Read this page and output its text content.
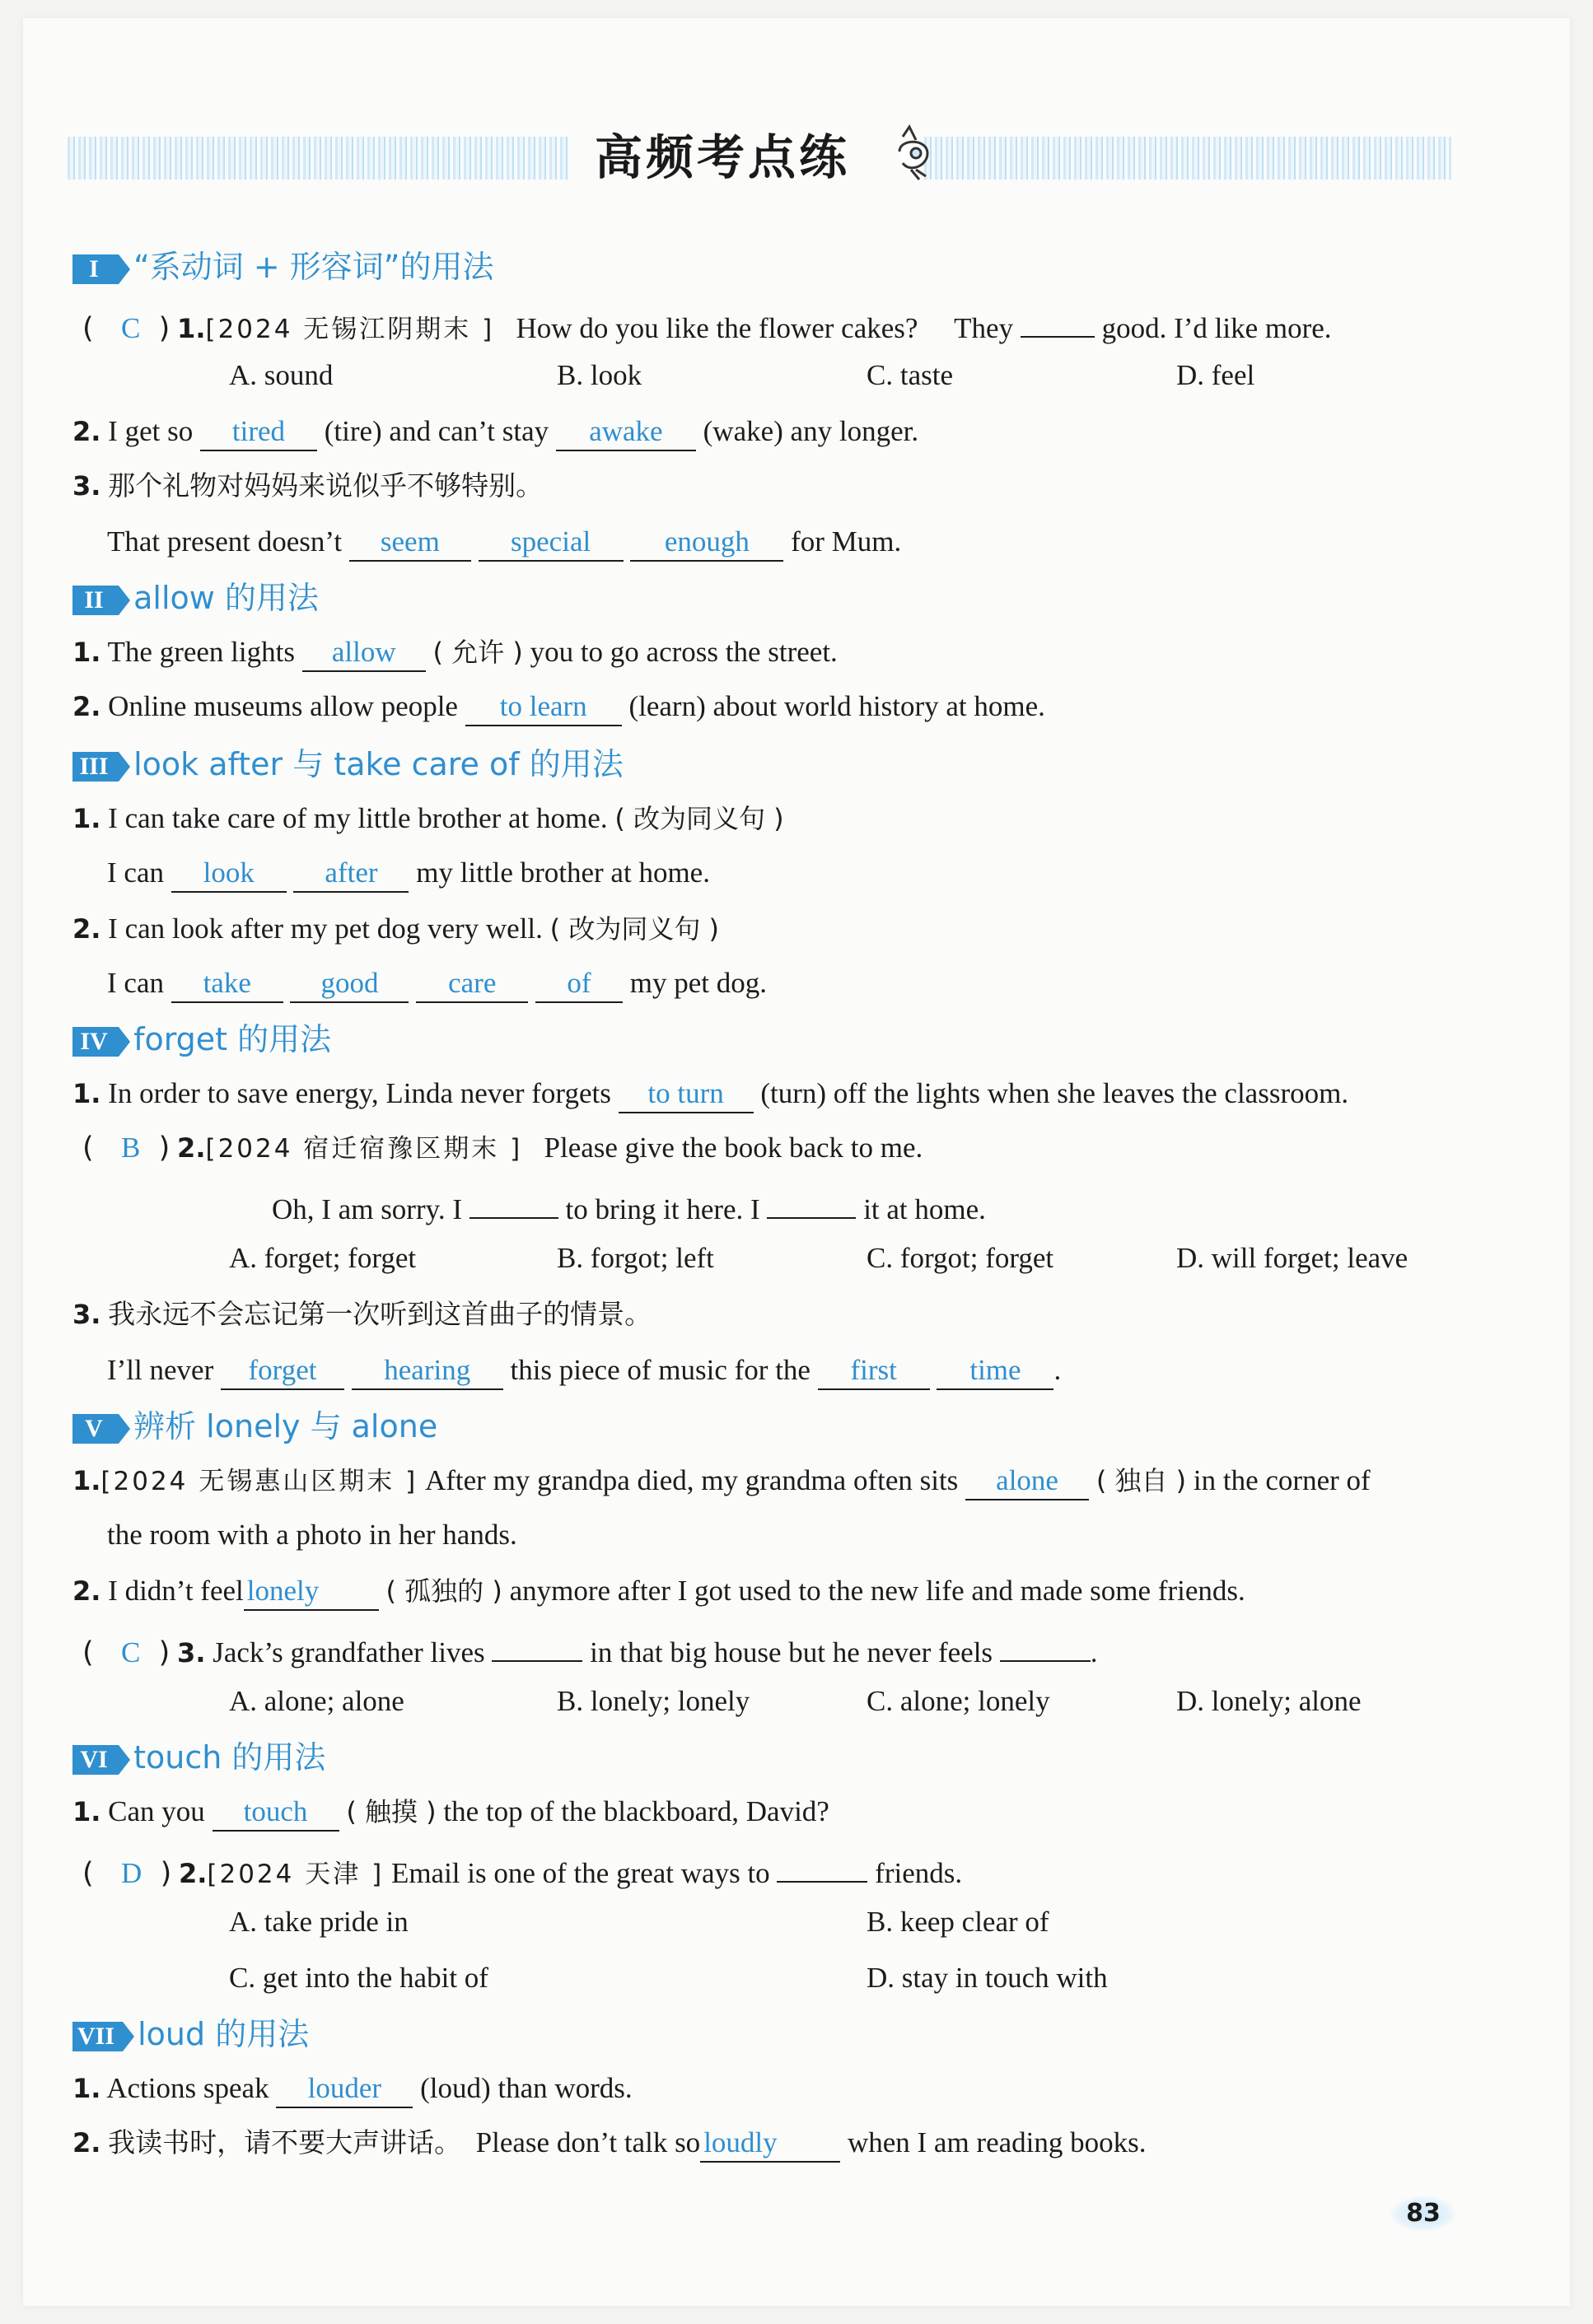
高频考点练
I “系动词 + 形容词”的用法
(   C  ) 1.[2024 无锡江阴期末 ] How do you like the flower cakes? They	good. I’d like more.
A. sound	B. look	C. taste	D. feel
2. I get so tired (tire) and can’t stay awake (wake) any longer.
3. 那个礼物对妈妈来说似乎不够特别。
That present doesn’t seem special	enough for Mum.
II allow 的用法
1. The green lights allow ( 允许 ) you to go across the street.
2. Online museums allow people to learn (learn) about world history at home.
III look after 与 take care of 的用法
1. I can take care of my little brother at home. ( 改为同义句 )
I can look after my little brother at home.
2. I can look after my pet dog very well. ( 改为同义句 )
I can take good care of my pet dog.
IV forget 的用法
1. In order to save energy, Linda never forgets to turn (turn) off the lights when she leaves the classroom.
(   B  ) 2.[2024 宿迁宿豫区期末 ] Please give the book back to me.
Oh, I am sorry. I	to bring it here. I	it at home.
A. forget; forget	B. forgot; left	C. forgot; forget	D. will forget; leave
3. 我永远不会忘记第一次听到这首曲子的情景。
I’ll never forget hearing this piece of music for the first	time .
V 辨析 lonely 与 alone
1.[2024 无锡惠山区期末 ] After my grandpa died, my grandma often sits alone ( 独自 ) in the corner of
the room with a photo in her hands.
2. I didn’t feel lonely	( 孤独的 ) anymore after I got used to the new life and made some friends.
(   C  ) 3. Jack’s grandfather lives	in that big house but he never feels	.
A. alone; alone	B. lonely; lonely	C. alone; lonely	D. lonely; alone
VI touch 的用法
1. Can you touch ( 触摸 ) the top of the blackboard, David?
(   D  ) 2.[2024 天津 ] Email is one of the great ways to	friends.
A. take pride in	B. keep clear of
C. get into the habit of	D. stay in touch with
VII loud 的用法
1. Actions speak louder (loud) than words.
2. 我读书时，请不要大声讲话。 Please don’t talk so loudly when I am reading books.
83
